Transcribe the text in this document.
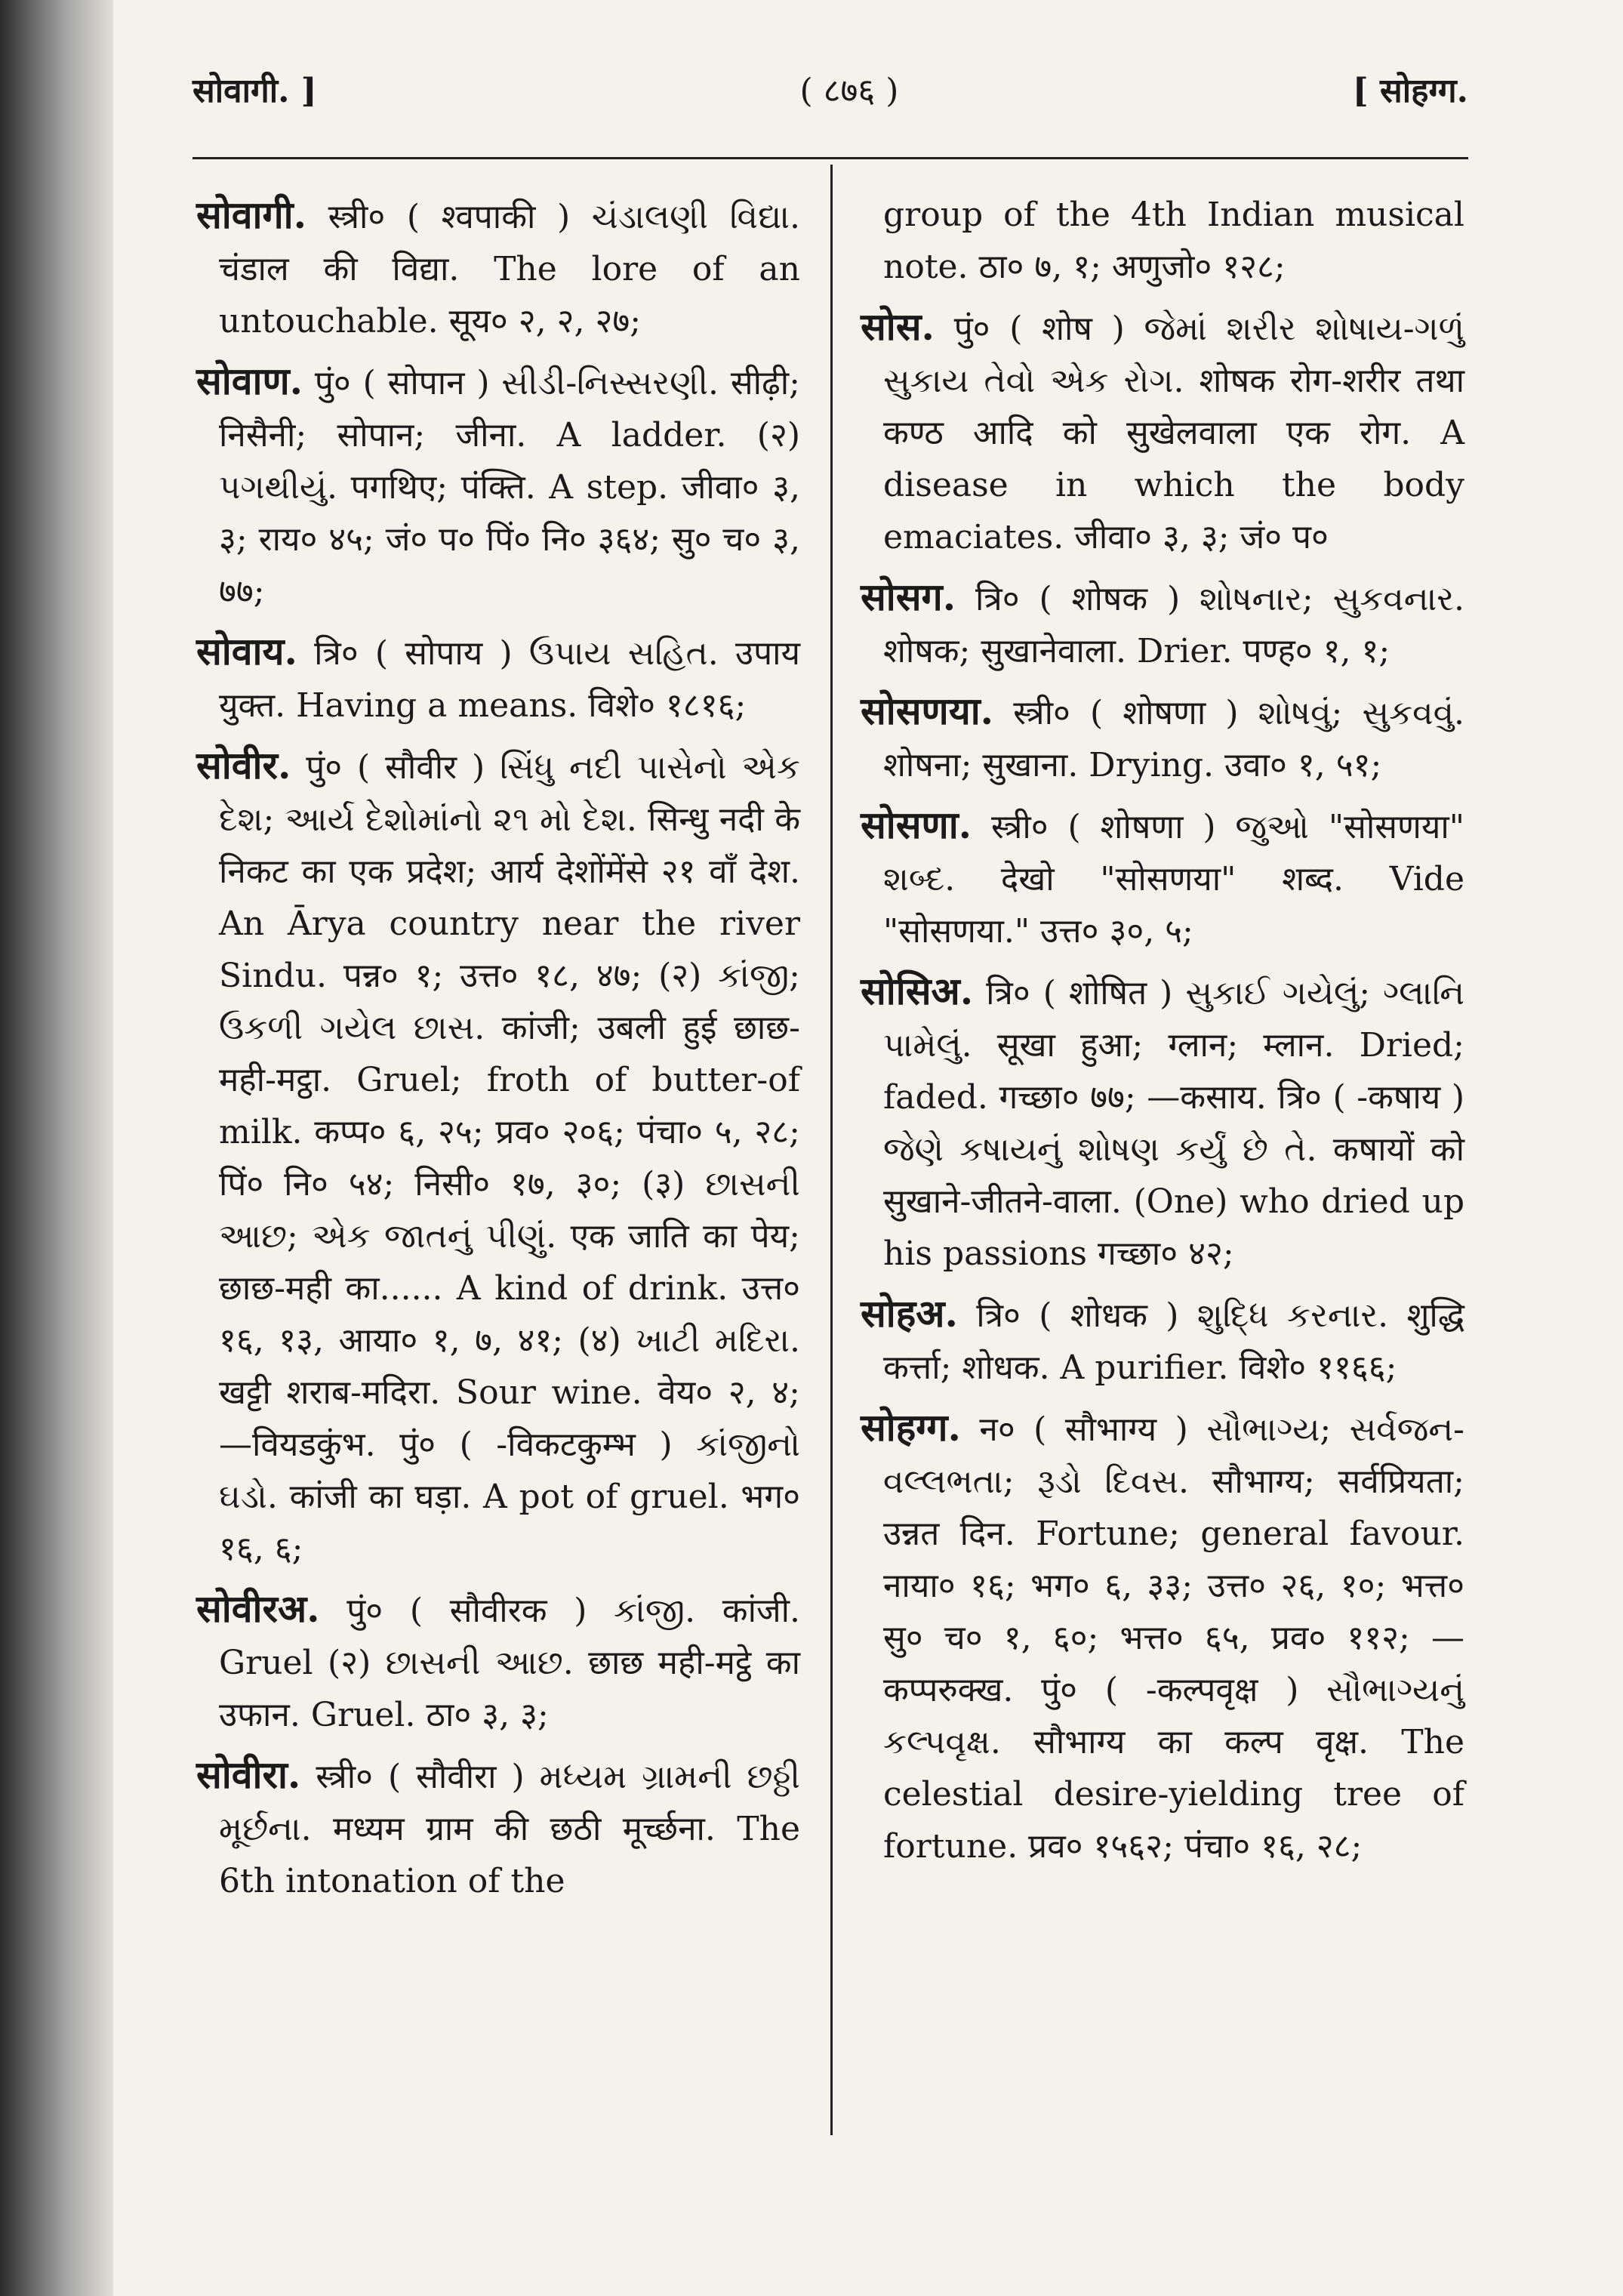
सोवागी. ]	( ८७६ )	[ सोहग्ग.

सोवागी. स्त्री० ( श्वपाकी ) ચંડાલણી વિદ્યા. चंडाल की विद्या. The lore of an untouchable. सूय० २, २, २७;

सोवाण. पुं० ( सोपान ) સીડી-નિસ્સરણી. सीढ़ी; निसैनी; सोपान; जीना. A ladder. (२) પગથીયું. पगथिए; पंक्ति. A step. जीवा० ३, ३; राय० ४५; जं० प० पिं० नि० ३६४; सु० च० ३, ७७;

सोवाय. त्रि० ( सोपाय ) ઉપાય સહિત. उपाय युक्त. Having a means. विशे० १८१६;

सोवीर. पुं० ( सौवीर ) સિંધુ નદી પાસેનો એક દેશ; આર્ય દેશોમાંનો ૨૧ મો દેશ. सिन्धु नदी के निकट का एक प्रदेश; आर्य देशोंमेंसे २१ वाँ देश. An Ārya country near the river Sindu. पन्न० १; उत्त० १८, ४७; (२) કાંજી; ઉકળી ગયેલ છાસ. कांजी; उबली हुई छाछ-मही-मट्ठा. Gruel; froth of butter-of milk. कप्प० ६, २५; प्रव० २०६; पंचा० ५, २८; पिं० नि० ५४; निसी० १७, ३०; (३) છાસની આછ; એક જાતનું પીણું. एक जाति का पेय; छाछ-मही का...... A kind of drink. उत्त० १६, १३, आया० १, ७, ४१; (४) ખાટી મદિરા. खट्टी शराब-मदिरा. Sour wine. वेय० २, ४; —वियडकुंभ. पुं० ( -विकटकुम्भ ) કાંજીનો ઘડો. कांजी का घड़ा. A pot of gruel. भग० १६, ६;

सोवीरअ. पुं० ( सौवीरक ) કાંજી. कांजी. Gruel (२) છાસની આછ. छाछ मही-मट्ठे का उफान. Gruel. ठा० ३, ३;

सोवीरा. स्त्री० ( सौवीरा ) મધ્યમ ગ્રામની છઠ્ઠી મૂર્છના. मध्यम ग्राम की छठी मूर्च्छना. The 6th intonation of the

group of the 4th Indian musical note. ठा० ७, १; अणुजो० १२८;

सोस. पुं० ( शोष ) જેમાં શરીર શોષાય-ગળું સુકાય તેવો એક રોગ. शोषक रोग-शरीर तथा कण्ठ आदि को सुखेलवाला एक रोग. A disease in which the body emaciates. जीवा० ३, ३; जं० प०

सोसग. त्रि० ( शोषक ) શોષનાર; સુકવનાર. शोषक; सुखानेवाला. Drier. पण्ह० १, १;

सोसणया. स्त्री० ( शोषणा ) શોષવું; સુકવવું. शोषना; सुखाना. Drying. उवा० १, ५१;

सोसणा. स्त्री० ( शोषणा ) જુઓ "सोसणया" શબ્દ. देखो "सोसणया" शब्द. Vide "सोसणया." उत्त० ३०, ५;

सोसिअ. त्रि० ( शोषित ) સુકાઈ ગયેલું; ગ્લાનિ પામેલું. सूखा हुआ; ग्लान; म्लान. Dried; faded. गच्छा० ७७; —कसाय. त्रि० ( -कषाय ) જેણે કષાયનું શોષણ કર્યું છે તે. कषायों को सुखाने-जीतने-वाला. (One) who dried up his passions गच्छा० ४२;

सोहअ. त्रि० ( शोधक ) શુદ્ધિ કરનાર. शुद्धि कर्त्ता; शोधक. A purifier. विशे० ११६६;

सोहग्ग. न० ( सौभाग्य ) સૌભાગ્ય; સર્વજન-વલ્લભતા; રૂડો દિવસ. सौभाग्य; सर्वप्रियता; उन्नत दिन. Fortune; general favour. नाया० १६; भग० ६, ३३; उत्त० २६, १०; भत्त० सु० च० १, ६०; भत्त० ६५, प्रव० ११२; —कप्परुक्ख. पुं० ( -कल्पवृक्ष ) સૌભાગ્યનું કલ્પવૃક્ષ. सौभाग्य का कल्प वृक्ष. The celestial desire-yielding tree of fortune. प्रव० १५६२; पंचा० १६, २८;
